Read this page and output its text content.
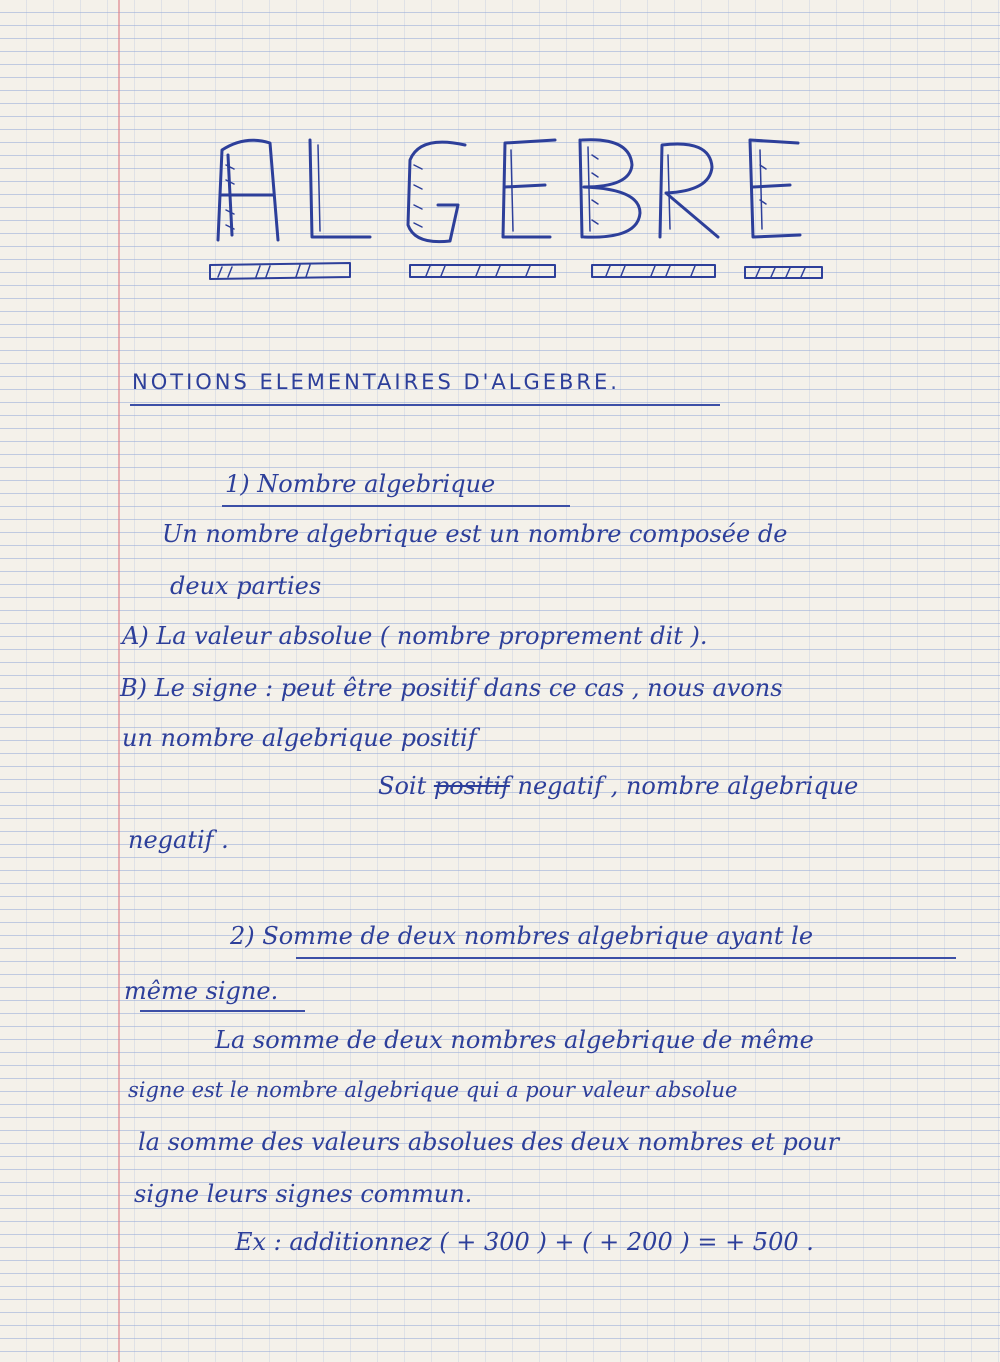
NOTIONS ELEMENTAIRES D'ALGEBRE.
1) Nombre algebrique
Un nombre algebrique est un nombre composée de
deux parties
A) La valeur absolue ( nombre proprement dit ).
B) Le signe : peut être positif dans ce cas , nous avons
un nombre algebrique positif
Soit positif negatif , nombre algebrique
negatif .
2) Somme de deux nombres algebrique ayant le
même signe.
La somme de deux nombres algebrique de même
signe est le nombre algebrique qui a pour valeur absolue
la somme des valeurs absolues des deux nombres et pour
signe leurs signes commun.
Ex : additionnez ( + 300 ) + ( + 200 ) = + 500 .
